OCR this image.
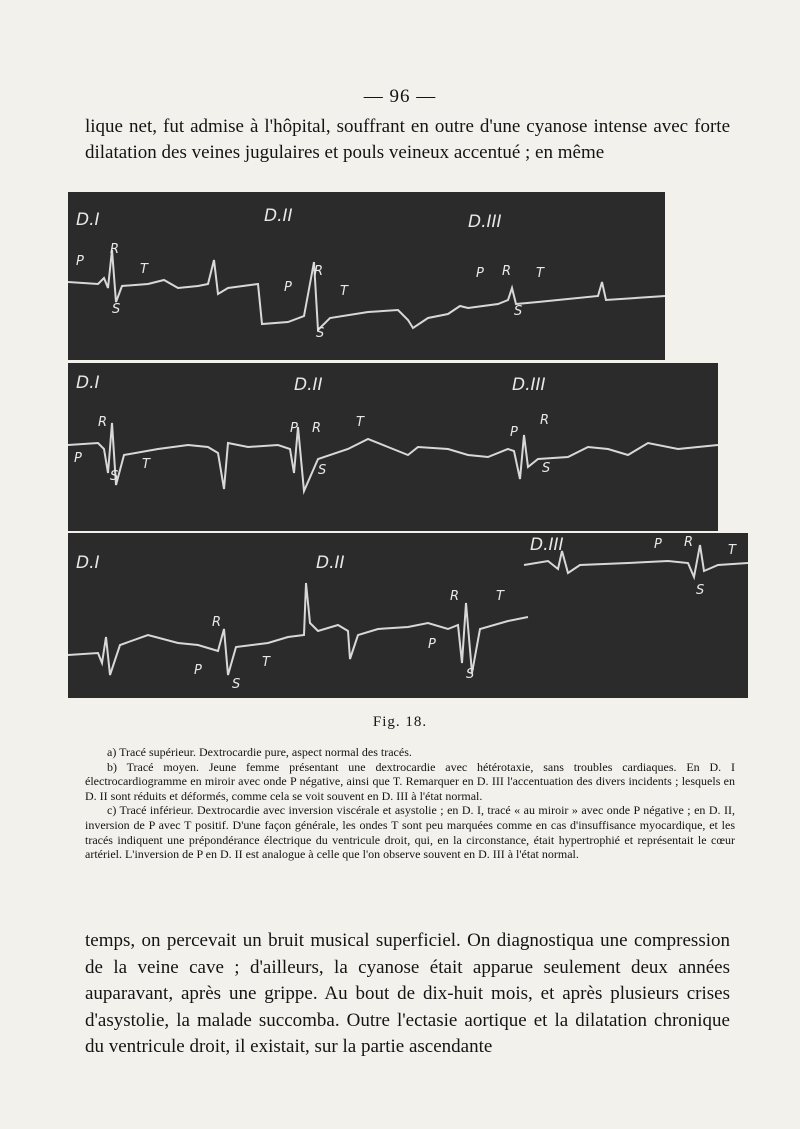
— 96 —

lique net, fut admise à l'hôpital, souffrant en outre d'une cyanose intense avec forte dilatation des veines jugulaires et pouls veineux accentué ; en même

D.I	D.II	D.III
P
R
T
S
P
R
T
S
P R T
S
D.I	D.II	D.III
R
P	T
S
P R	T
S
P
R
S
D.I	D.II
D.III
R
P
T
S
R	T
P
S
P R
T
S
Fig. 18.

a) Tracé supérieur. Dextrocardie pure, aspect normal des tracés.

b) Tracé moyen. Jeune femme présentant une dextrocardie avec hétérotaxie, sans troubles cardiaques. En D. I électrocardiogramme en miroir avec onde P négative, ainsi que T. Remarquer en D. III l'accentuation des divers incidents ; lesquels en D. II sont réduits et déformés, comme cela se voit souvent en D. III à l'état normal.

c) Tracé inférieur. Dextrocardie avec inversion viscérale et asystolie ; en D. I, tracé « au miroir » avec onde P négative ; en D. II, inversion de P avec T positif. D'une façon générale, les ondes T sont peu marquées comme en cas d'insuffisance myocardique, et les tracés indiquent une prépondérance électrique du ventricule droit, qui, en la circonstance, était hypertrophié et représentait le cœur artériel. L'inversion de P en D. II est analogue à celle que l'on observe souvent en D. III à l'état normal.

temps, on percevait un bruit musical superficiel. On diagnostiqua une compression de la veine cave ; d'ailleurs, la cyanose était apparue seulement deux années auparavant, après une grippe. Au bout de dix-huit mois, et après plusieurs crises d'asystolie, la malade succomba. Outre l'ectasie aortique et la dilatation chronique du ventricule droit, il existait, sur la partie ascendante
